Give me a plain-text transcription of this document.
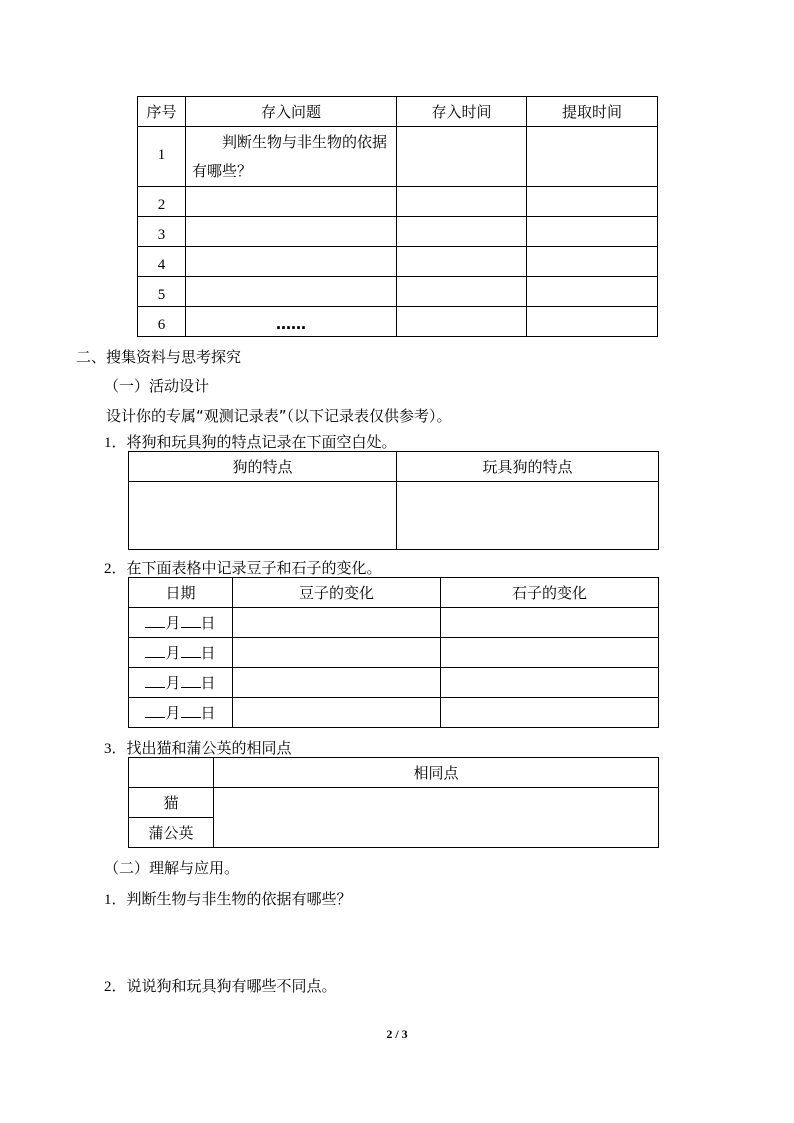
序号	存入问题	存入时间	提取时间
1	判断生物与非生物的依据有哪些？		
2			
3			
4			
5			
6	……		
二、搜集资料与思考探究
（一）活动设计
设计你的专属“观测记录表”（以下记录表仅供参考）。
1．将狗和玩具狗的特点记录在下面空白处。
狗的特点	玩具狗的特点

2．在下面表格中记录豆子和石子的变化。
日期	豆子的变化	石子的变化
月 日		
月 日		
月 日		
月 日		
3．找出猫和蒲公英的相同点
	相同点
猫	
蒲公英	
（二）理解与应用。
1．判断生物与非生物的依据有哪些？
2．说说狗和玩具狗有哪些不同点。
2 / 3
